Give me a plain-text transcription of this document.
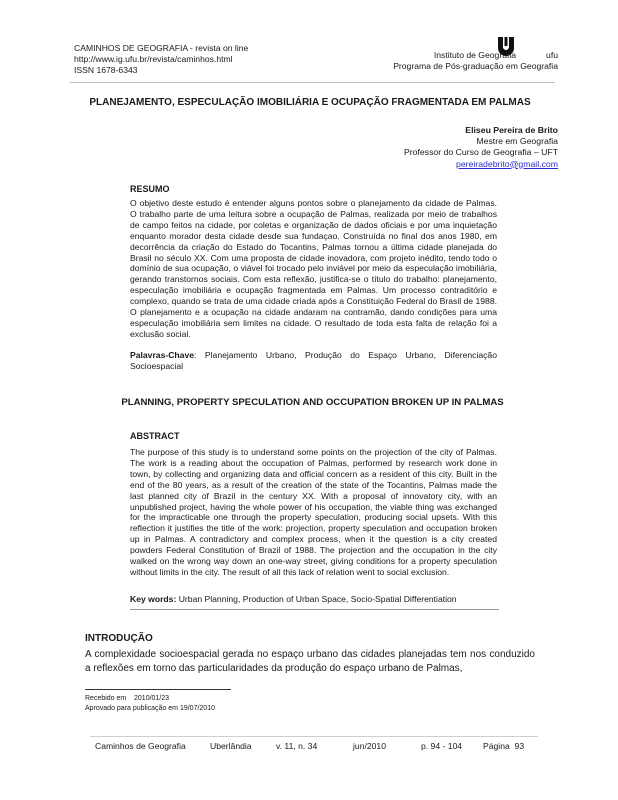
CAMINHOS DE GEOGRAFIA - revista on line
http://www.ig.ufu.br/revista/caminhos.html
ISSN 1678-6343
Instituto de Geografia	ufu
Programa de Pós-graduação em Geografia
PLANEJAMENTO, ESPECULAÇÃO IMOBILIÁRIA E OCUPAÇÃO FRAGMENTADA EM PALMAS
Eliseu Pereira de Brito
Mestre em Geografia
Professor do Curso de Geografia – UFT
pereiradebrito@gmail.com
RESUMO
O objetivo deste estudo é entender alguns pontos sobre o planejamento da cidade de Palmas. O trabalho parte de uma leitura sobre a ocupação de Palmas, realizada por meio de trabalhos de campo feitos na cidade, por coletas e organização de dados oficiais e por uma inquietação enquanto morador desta cidade desde sua fundaçao. Construída no final dos anos 1980, em decorrência da criação do Estado do Tocantins, Palmas tornou a última cidade planejada do Brasil no século XX. Com uma proposta de cidade inovadora, com projeto inédito, tendo todo o domínio de sua ocupação, o viável foi trocado pelo inviável por meio da especulação imobiliária, gerando transtornos sociais. Com esta reflexão, justifica-se o título do trabalho: planejamento, especulação imobiliária e ocupação fragmentada em Palmas. Um processo contraditório e complexo, quando se trata de uma cidade criada após a Constituição Federal do Brasil de 1988. O planejamento e a ocupação na cidade andaram na contramão, dando condições para uma especulação imobiliária sem limites na cidade. O resultado de toda esta falta de relação foi a exclusão social.
Palavras-Chave: Planejamento Urbano, Produção do Espaço Urbano, Diferenciação Socioespacial
PLANNING, PROPERTY SPECULATION AND OCCUPATION BROKEN UP IN PALMAS
ABSTRACT
The purpose of this study is to understand some points on the projection of the city of Palmas. The work is a reading about the occupation of Palmas, performed by research work done in town, by collecting and organizing data and official concern as a resident of this city. Built in the end of the 80 years, as a result of the creation of the state of the Tocantins, Palmas made the last planned city of Brazil in the century XX. With a proposal of innovatory city, with an unpublished project, having the whole power of his occupation, the viable thing was exchanged for the impracticable one through the property speculation, producing social upsets. With this reflection it justifies the title of the work: projection, property speculation and occupation broken up in Palmas. A contradictory and complex process, when it the question is a city created powders Federal Constitution of Brazil of 1988. The projection and the occupation in the city walked on the wrong way down an one-way street, giving conditions for a property speculation without limits in the city. The result of all this lack of relation went to social exclusion.
Key words: Urban Planning, Production of Urban Space, Socio-Spatial Differentiation
INTRODUÇÃO
A complexidade socioespacial gerada no espaço urbano das cidades planejadas tem nos conduzido a reflexões em torno das particularidades da produção do espaço urbano de Palmas,
Recebido em    2010/01/23
Aprovado para publicação em 19/07/2010
Caminhos de Geografia	Uberlândia	v. 11, n. 34	jun/2010	p. 94 - 104	Página  93
